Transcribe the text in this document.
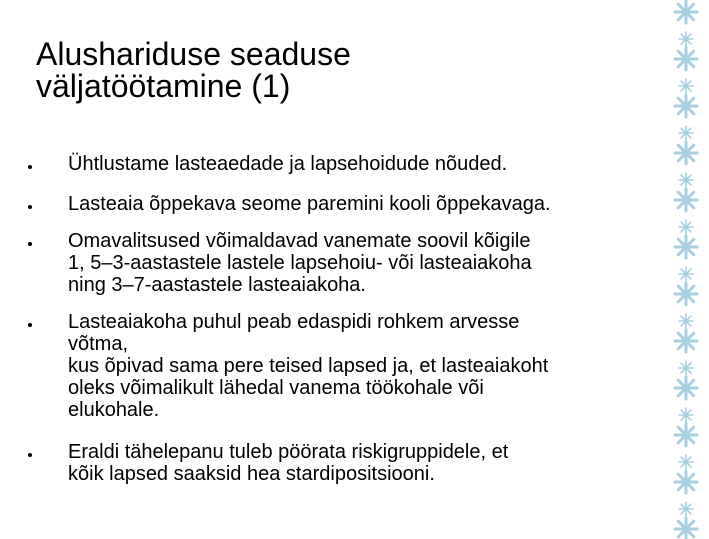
Alushariduse seaduse
väljatöötamine (1)
Ühtlustame lasteaedade ja lapsehoidude nõuded.
Lasteaia õppekava seome paremini kooli õppekavaga.
Omavalitsused võimaldavad vanemate soovil kõigile
1, 5–3-aastastele lastele lapsehoiu- või lasteaiakoha
ning 3–7-aastastele lasteaiakoha.
Lasteaiakoha puhul peab edaspidi rohkem arvesse
võtma,
kus õpivad sama pere teised lapsed ja, et lasteaiakoht
oleks võimalikult lähedal vanema töökohale või
elukohale.
Eraldi tähelepanu tuleb pöörata riskigruppidele, et
kõik lapsed saaksid hea stardipositsiooni.
